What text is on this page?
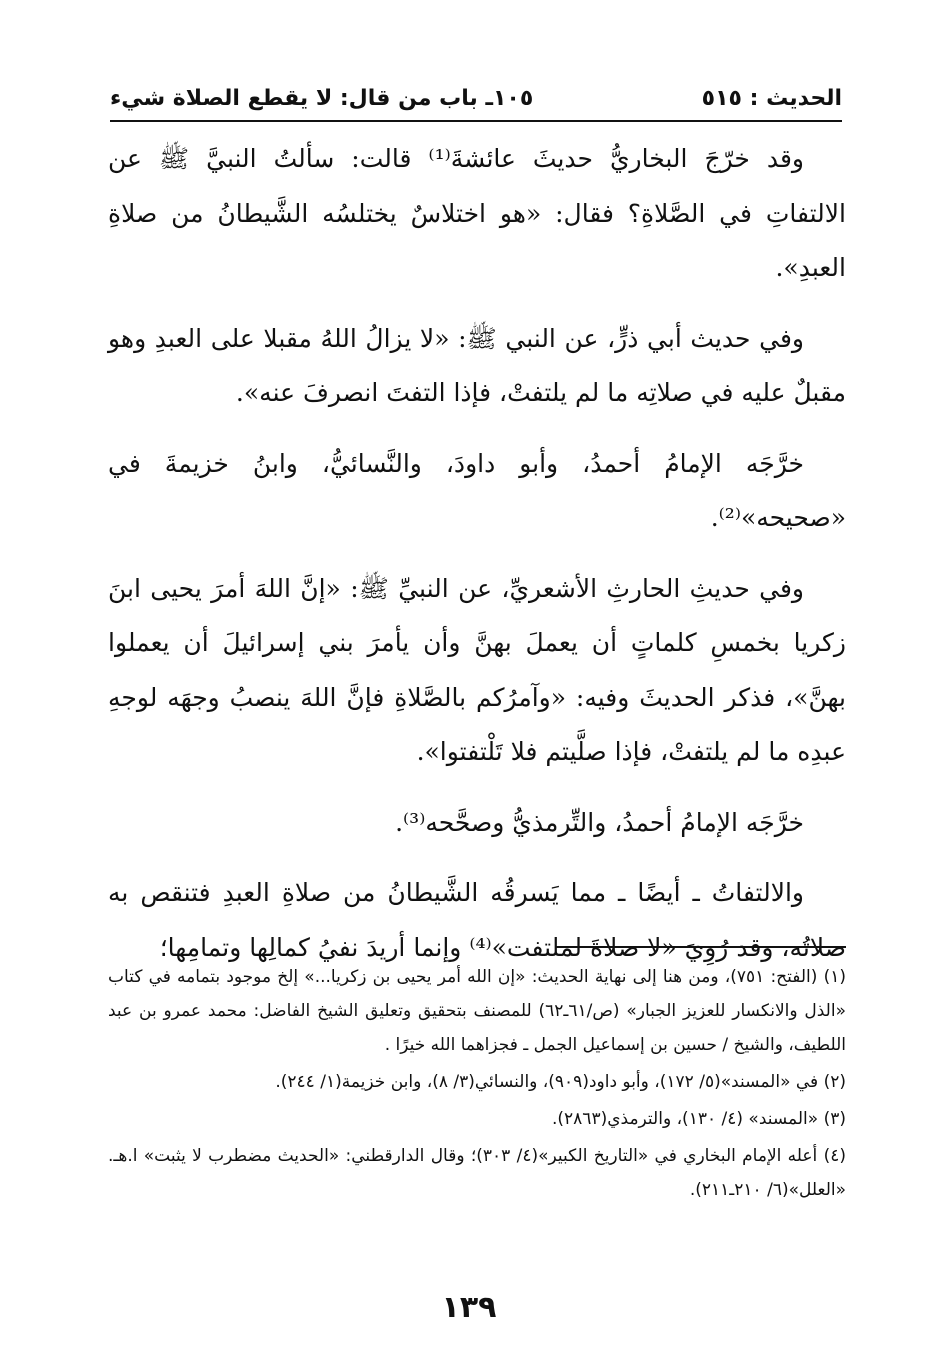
١٠٥ـ باب من قال: لا يقطع الصلاة شيء	الحديث : ٥١٥

وقد خرّجَ البخاريُّ حديثَ عائشةَ⁽¹⁾ قالت: سألتُ النبيَّ ﷺ عن الالتفاتِ في الصَّلاةِ؟ فقال: «هو اختلاسٌ يختلسُه الشَّيطانُ من صلاةِ العبدِ».

وفي حديث أبي ذرٍّ، عن النبي ﷺ: «لا يزالُ اللهُ مقبلا على العبدِ وهو مقبلٌ عليه في صلاتِه ما لم يلتفتْ، فإذا التفتَ انصرفَ عنه».

خرَّجَه الإمامُ أحمدُ، وأبو داودَ، والنَّسائيُّ، وابنُ خزيمةَ في «صحيحه»⁽²⁾.

وفي حديثِ الحارثِ الأشعريِّ، عن النبيِّ ﷺ: «إنَّ اللهَ أمرَ يحيى ابنَ زكريا بخمسِ كلماتٍ أن يعملَ بهنَّ وأن يأمرَ بني إسرائيلَ أن يعملوا بهنَّ»، فذكر الحديثَ وفيه: «وآمرُكم بالصَّلاةِ فإنَّ اللهَ ينصبُ وجهَه لوجهِ عبدِه ما لم يلتفتْ، فإذا صلَّيتم فلا تَلْتفتوا».

خرَّجَه الإمامُ أحمدُ، والتِّرمذيُّ وصحَّحه⁽³⁾.

والالتفاتُ ـ أيضًا ـ مما يَسرقُه الشَّيطانُ من صلاةِ العبدِ فتنقص به صلاتُه، وقد رُوِيَ «لا صلاةَ لملتفت»⁽⁴⁾ وإنما أريدَ نفيُ كمالِها وتمامِها؛

(١) (الفتح: ٧٥١)، ومن هنا إلى نهاية الحديث: «إن الله أمر يحيى بن زكريا...» إلخ موجود بتمامه في كتاب «الذل والانكسار للعزيز الجبار» (ص/٦١ـ٦٢) للمصنف بتحقيق وتعليق الشيخ الفاضل: محمد عمرو بن عبد اللطيف، والشيخ / حسين بن إسماعيل الجمل ـ فجزاهما الله خيرًا .

(٢) في «المسند»(٥/ ١٧٢)، وأبو داود(٩٠٩)، والنسائي(٣/ ٨)، وابن خزيمة(١/ ٢٤٤).

(٣) «المسند» (٤/ ١٣٠)، والترمذي(٢٨٦٣).

(٤) أعله الإمام البخاري في «التاريخ الكبير»(٤/ ٣٠٣)؛ وقال الدارقطني: «الحديث مضطرب لا يثبت» ا.هـ. «العلل»(٦/ ٢١٠ـ٢١١).

١٣٩
